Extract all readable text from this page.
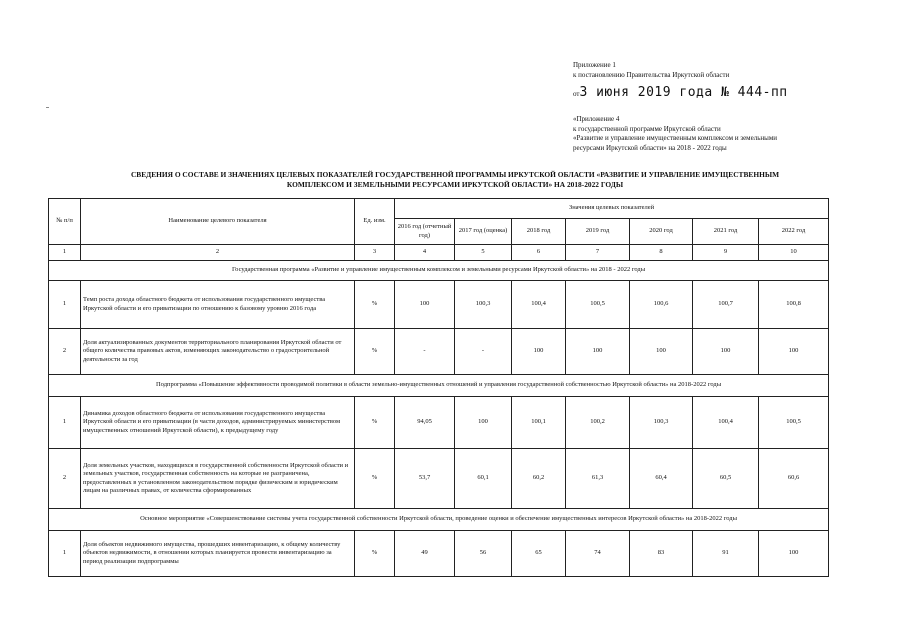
Приложение 1
к постановлению Правительства Иркутской области
от3 июня 2019 года № 444-пп
«Приложение 4
к государственной программе Иркутской области
«Развитие и управление имущественным комплексом и земельными
ресурсами Иркутской области» на 2018 - 2022 годы
СВЕДЕНИЯ О СОСТАВЕ И ЗНАЧЕНИЯХ ЦЕЛЕВЫХ ПОКАЗАТЕЛЕЙ ГОСУДАРСТВЕННОЙ ПРОГРАММЫ ИРКУТСКОЙ ОБЛАСТИ «РАЗВИТИЕ И УПРАВЛЕНИЕ ИМУЩЕСТВЕННЫМ
КОМПЛЕКСОМ И ЗЕМЕЛЬНЫМИ РЕСУРСАМИ ИРКУТСКОЙ ОБЛАСТИ» НА 2018-2022 ГОДЫ
№ п/п	Наименование целевого показателя	Ед. изм.	Значения целевых показателей						
			2016 год (отчетный год)	2017 год (оценка)	2018 год	2019 год	2020 год	2021 год	2022 год
1	2	3	4	5	6	7	8	9	10
Государственная программа «Развитие и управление имущественным комплексом и земельными ресурсами Иркутской области» на 2018 - 2022 годы									
1	Темп роста дохода областного бюджета от использования государственного имущества Иркутской области и его приватизации по отношению к базовому уровню 2016 года	%	100	100,3	100,4	100,5	100,6	100,7	100,8
2	Доля актуализированных документов территориального планирования Иркутской области от общего количества правовых актов, изменяющих законодательство о градостроительной деятельности за год	%	-	-	100	100	100	100	100
Подпрограмма «Повышение эффективности проводимой политики в области земельно-имущественных отношений и управления государственной собственностью Иркутской области» на 2018-2022 годы									
1	Динамика доходов областного бюджета от использования государственного имущества Иркутской области и его приватизации (в части доходов, администрируемых министерством имущественных отношений Иркутской области), к предыдущему году	%	94,05	100	100,1	100,2	100,3	100,4	100,5
2	Доля земельных участков, находящихся в государственной собственности Иркутской области и земельных участков, государственная собственность на которые не разграничена, предоставленных в установленном законодательством порядке физическим и юридическим лицам на различных правах, от количества сформированных	%	53,7	60,1	60,2	61,3	60,4	60,5	60,6
Основное мероприятие «Совершенствование системы учета государственной собственности Иркутской области, проведение оценки и обеспечение имущественных интересов Иркутской области» на 2018-2022 годы									
1	Доля объектов недвижимого имущества, прошедших инвентаризацию, к общему количеству объектов недвижимости, в отношении которых планируется провести инвентаризацию за период реализации подпрограммы	%	49	56	65	74	83	91	100
